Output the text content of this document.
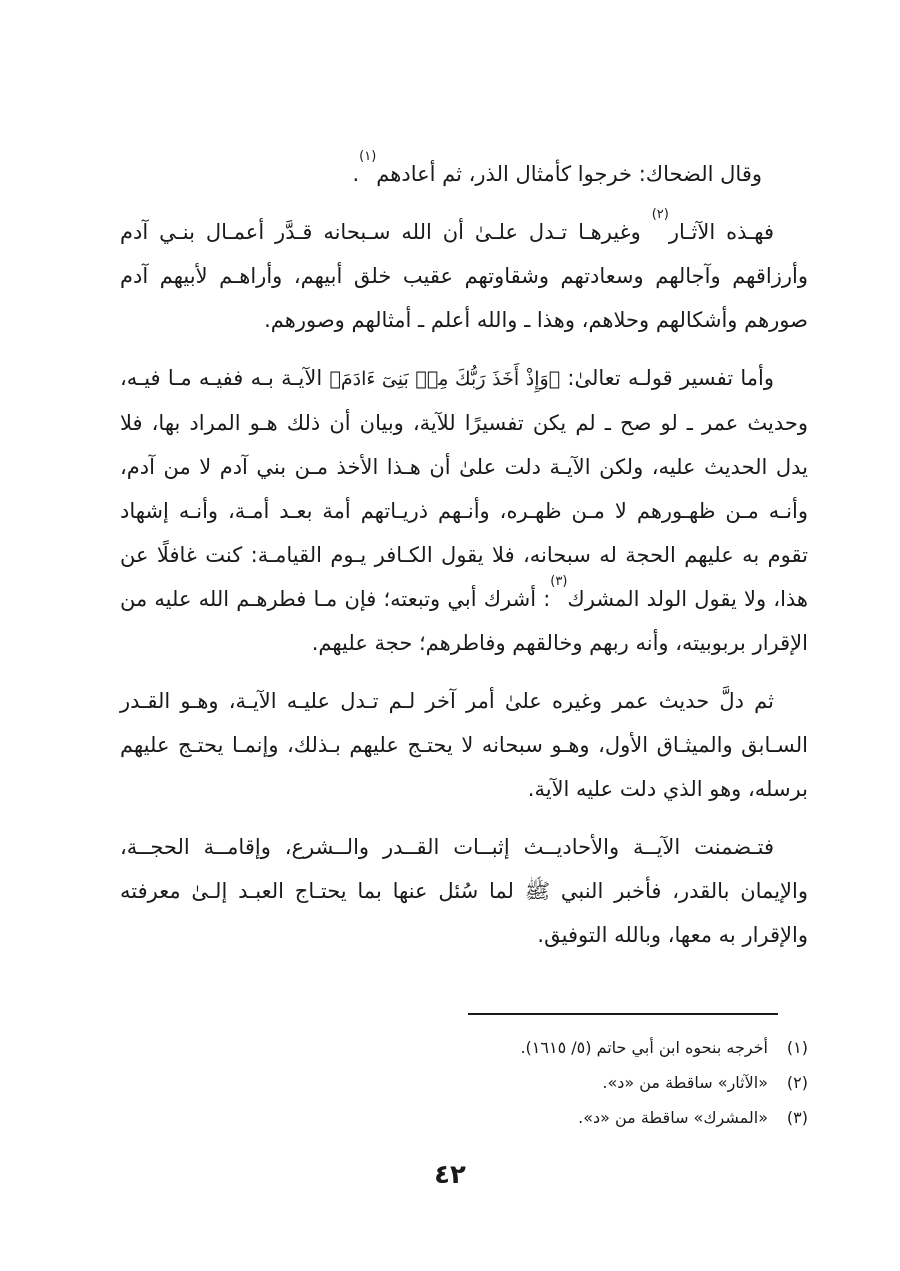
وقال الضحاك: خرجوا كأمثال الذر، ثم أعادهم$^{(١)}$.

فهـذه الآثـار$^{(٢)}$ وغيرهـا تـدل علـىٰ أن الله سـبحانه قـدَّر أعمـال بنـي آدم وأرزاقهم وآجالهم وسعادتهم وشقاوتهم عقيب خلق أبيهم، وأراهـم لأبيهم آدم صورهم وأشكالهم وحلاهم، وهذا ـ والله أعلم ـ أمثالهم وصورهم.

وأما تفسير قولـه تعالىٰ: ﴿وَإِذْ أَخَذَ رَبُّكَ مِنۢ بَنِىٓ ءَادَمَ﴾ الآيـة بـه ففيـه مـا فيـه، وحديث عمر ـ لو صح ـ لم يكن تفسيرًا للآية، وبيان أن ذلك هـو المراد بها، فلا يدل الحديث عليه، ولكن الآيـة دلت علىٰ أن هـذا الأخذ مـن بني آدم لا من آدم، وأنـه مـن ظهـورهم لا مـن ظهـره، وأنـهم ذريـاتهم أمة بعـد أمـة، وأنـه إشهاد تقوم به عليهم الحجة له سبحانه، فلا يقول الكـافر يـوم القيامـة: كنت غافلًا عن هذا، ولا يقول الولد المشرك$^{(٣)}$: أشرك أبي وتبعته؛ فإن مـا فطرهـم الله عليه من الإقرار بربوبيته، وأنه ربهم وخالقهم وفاطرهم؛ حجة عليهم.

ثم دلَّ حديث عمر وغيره علىٰ أمر آخر لـم تـدل عليـه الآيـة، وهـو القـدر السـابق والميثـاق الأول، وهـو سبحانه لا يحتـج عليهم بـذلك، وإنمـا يحتـج عليهم برسله، وهو الذي دلت عليه الآية.

فتـضمنت الآيــة والأحاديــث إثبــات القــدر والــشرع، وإقامــة الحجــة، والإيمان بالقدر، فأخبر النبي ﷺ لما سُئل عنها بما يحتـاج العبـد إلـىٰ معرفته والإقرار به معها، وبالله التوفيق.

(١)أخرجه بنحوه ابن أبي حاتم (٥/ ١٦١٥).

(٢)«الآثار» ساقطة من «د».

(٣)«المشرك» ساقطة من «د».

٤٢
